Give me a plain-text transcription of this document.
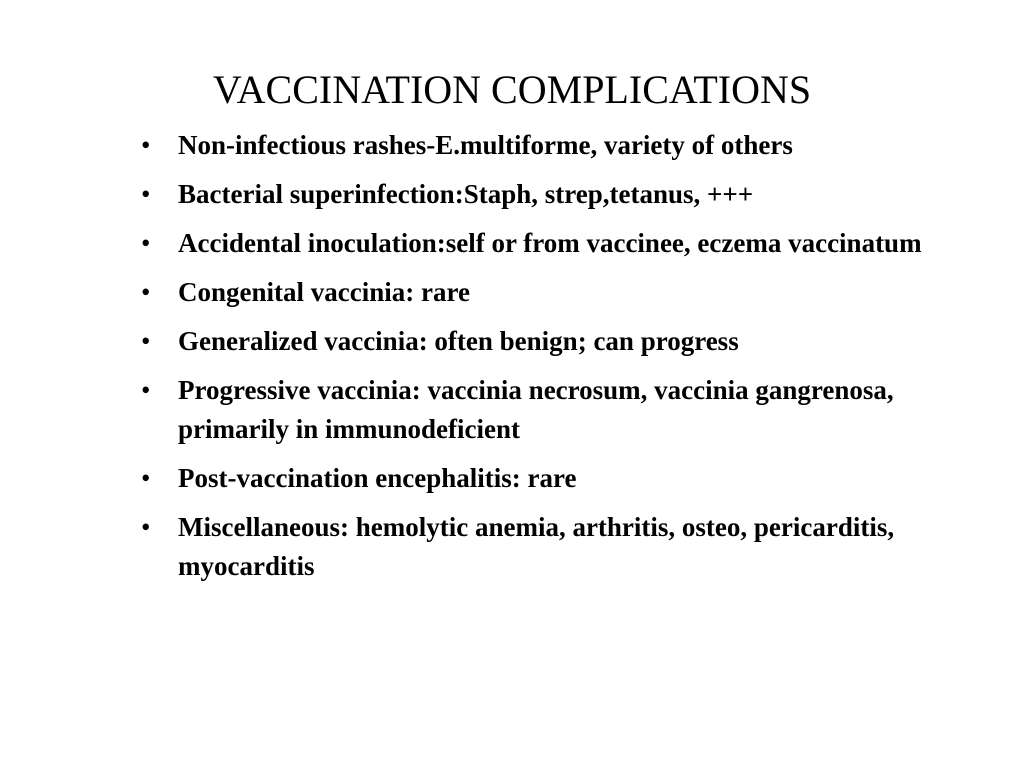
VACCINATION COMPLICATIONS
• Non-infectious rashes-E.multiforme, variety of others
• Bacterial superinfection:Staph, strep,tetanus, +++
• Accidental inoculation:self or from vaccinee, eczema vaccinatum
• Congenital vaccinia: rare
• Generalized vaccinia: often benign; can progress
• Progressive vaccinia: vaccinia necrosum, vaccinia gangrenosa, primarily in immunodeficient
• Post-vaccination encephalitis: rare
• Miscellaneous: hemolytic anemia, arthritis, osteo, pericarditis, myocarditis
